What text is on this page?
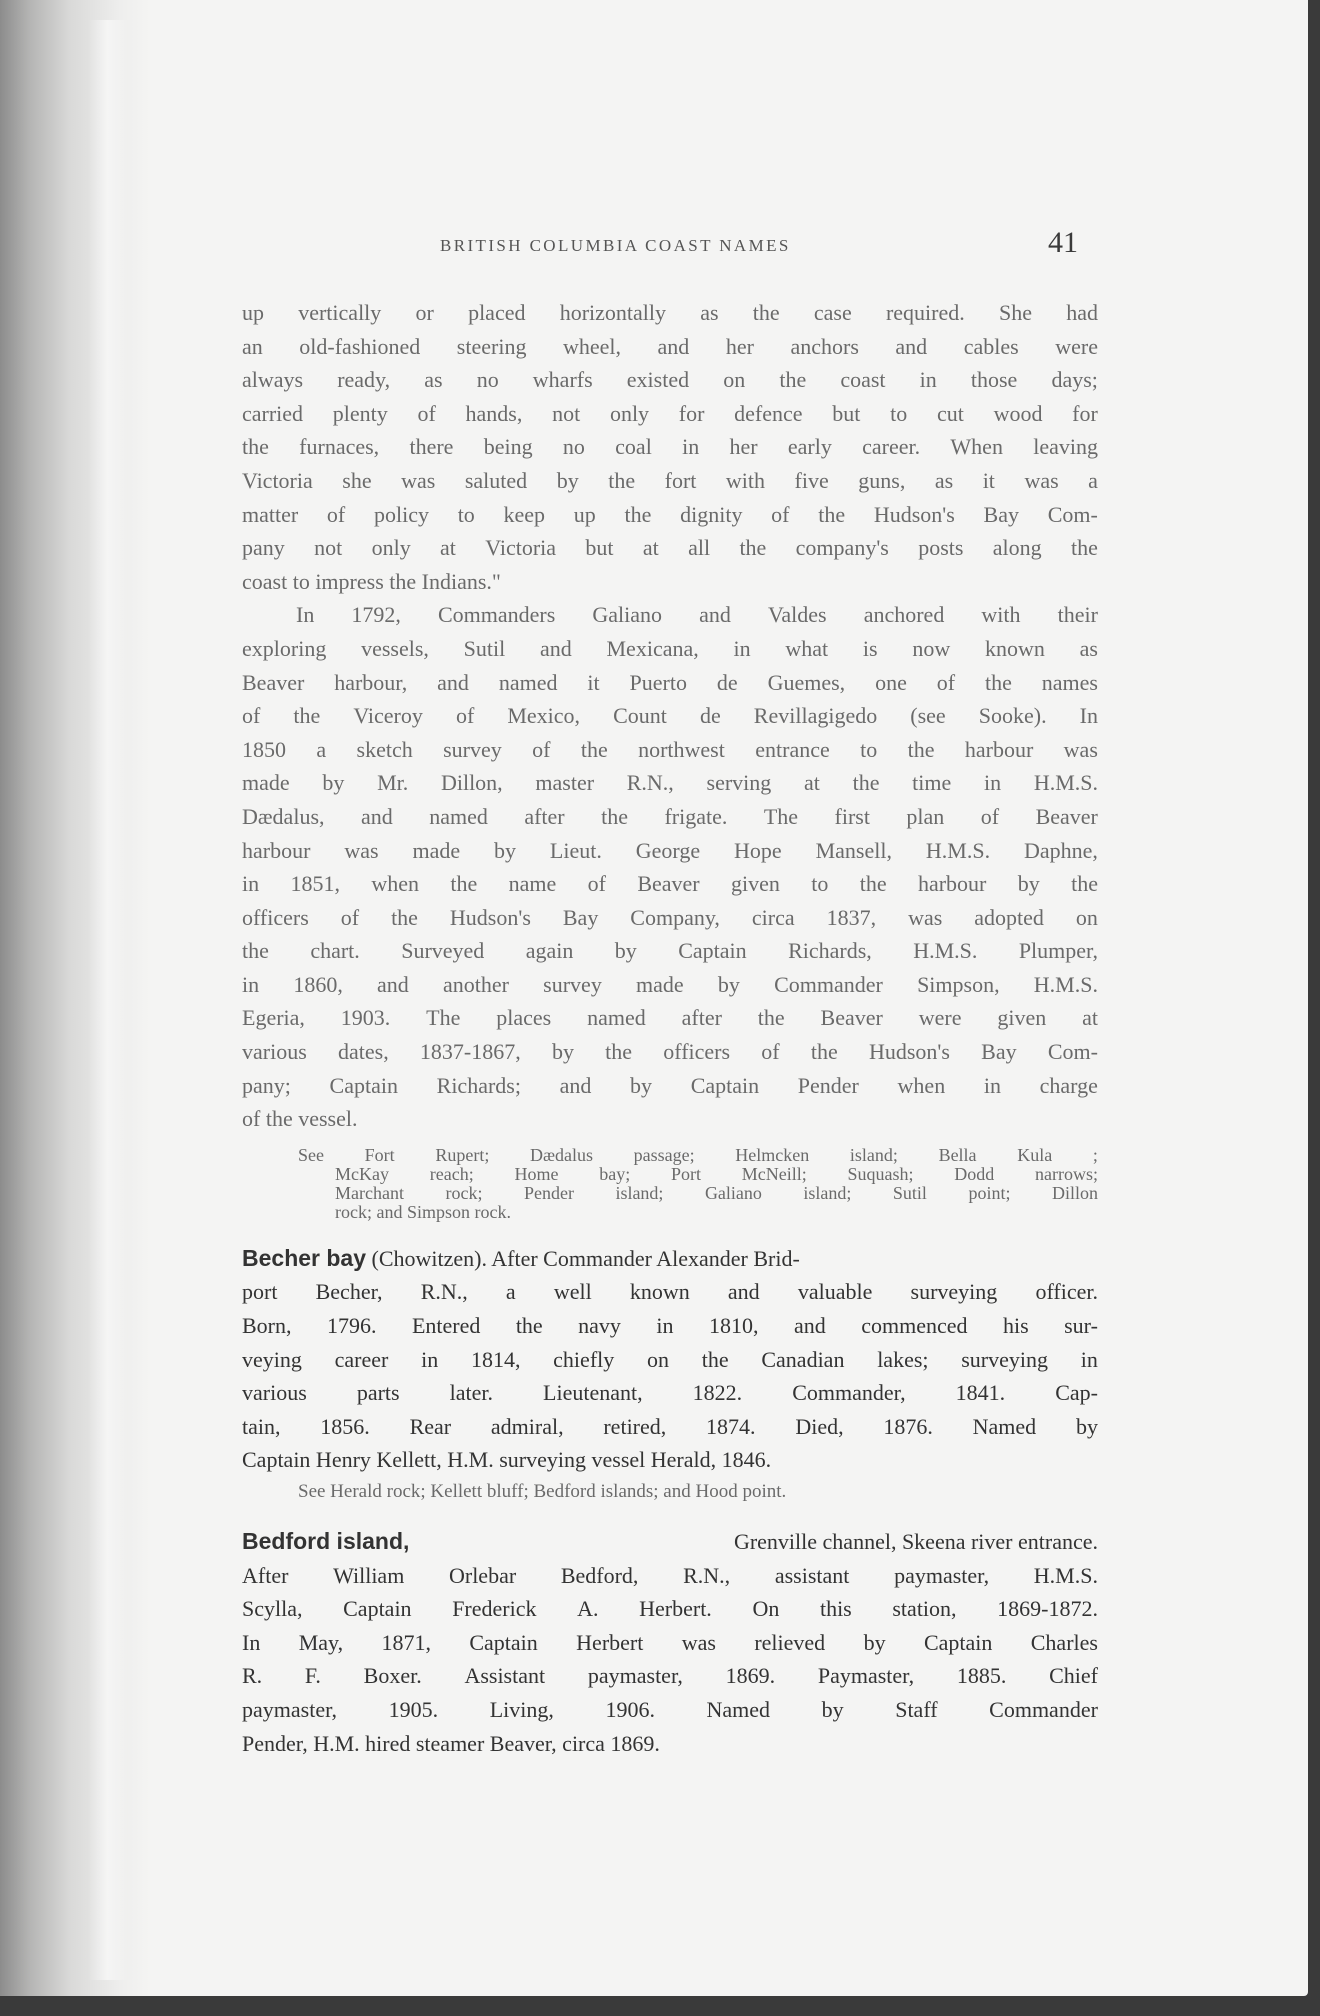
BRITISH COLUMBIA COAST NAMES	41
up vertically or placed horizontally as the case required. She had
an old-fashioned steering wheel, and her anchors and cables were
always ready, as no wharfs existed on the coast in those days;
carried plenty of hands, not only for defence but to cut wood for
the furnaces, there being no coal in her early career. When leaving
Victoria she was saluted by the fort with five guns, as it was a
matter of policy to keep up the dignity of the Hudson's Bay Com-
pany not only at Victoria but at all the company's posts along the
coast to impress the Indians."
In 1792, Commanders Galiano and Valdes anchored with their
exploring vessels, Sutil and Mexicana, in what is now known as
Beaver harbour, and named it Puerto de Guemes, one of the names
of the Viceroy of Mexico, Count de Revillagigedo (see Sooke). In
1850 a sketch survey of the northwest entrance to the harbour was
made by Mr. Dillon, master R.N., serving at the time in H.M.S.
Dædalus, and named after the frigate. The first plan of Beaver
harbour was made by Lieut. George Hope Mansell, H.M.S. Daphne,
in 1851, when the name of Beaver given to the harbour by the
officers of the Hudson's Bay Company, circa 1837, was adopted on
the chart. Surveyed again by Captain Richards, H.M.S. Plumper,
in 1860, and another survey made by Commander Simpson, H.M.S.
Egeria, 1903. The places named after the Beaver were given at
various dates, 1837-1867, by the officers of the Hudson's Bay Com-
pany; Captain Richards; and by Captain Pender when in charge
of the vessel.
See Fort Rupert; Dædalus passage; Helmcken island; Bella Kula ;
McKay reach; Home bay; Port McNeill; Suquash; Dodd narrows;
Marchant rock; Pender island; Galiano island; Sutil point; Dillon
rock; and Simpson rock.
Becher bay (Chowitzen). After Commander Alexander Brid-
port Becher, R.N., a well known and valuable surveying officer.
Born, 1796. Entered the navy in 1810, and commenced his sur-
veying career in 1814, chiefly on the Canadian lakes; surveying in
various parts later. Lieutenant, 1822. Commander, 1841. Cap-
tain, 1856. Rear admiral, retired, 1874. Died, 1876. Named by
Captain Henry Kellett, H.M. surveying vessel Herald, 1846.
See Herald rock; Kellett bluff; Bedford islands; and Hood point.
Bedford island,	Grenville channel, Skeena river entrance.
After William Orlebar Bedford, R.N., assistant paymaster, H.M.S.
Scylla, Captain Frederick A. Herbert. On this station, 1869-1872.
In May, 1871, Captain Herbert was relieved by Captain Charles
R. F. Boxer. Assistant paymaster, 1869. Paymaster, 1885. Chief
paymaster, 1905. Living, 1906. Named by Staff Commander
Pender, H.M. hired steamer Beaver, circa 1869.
